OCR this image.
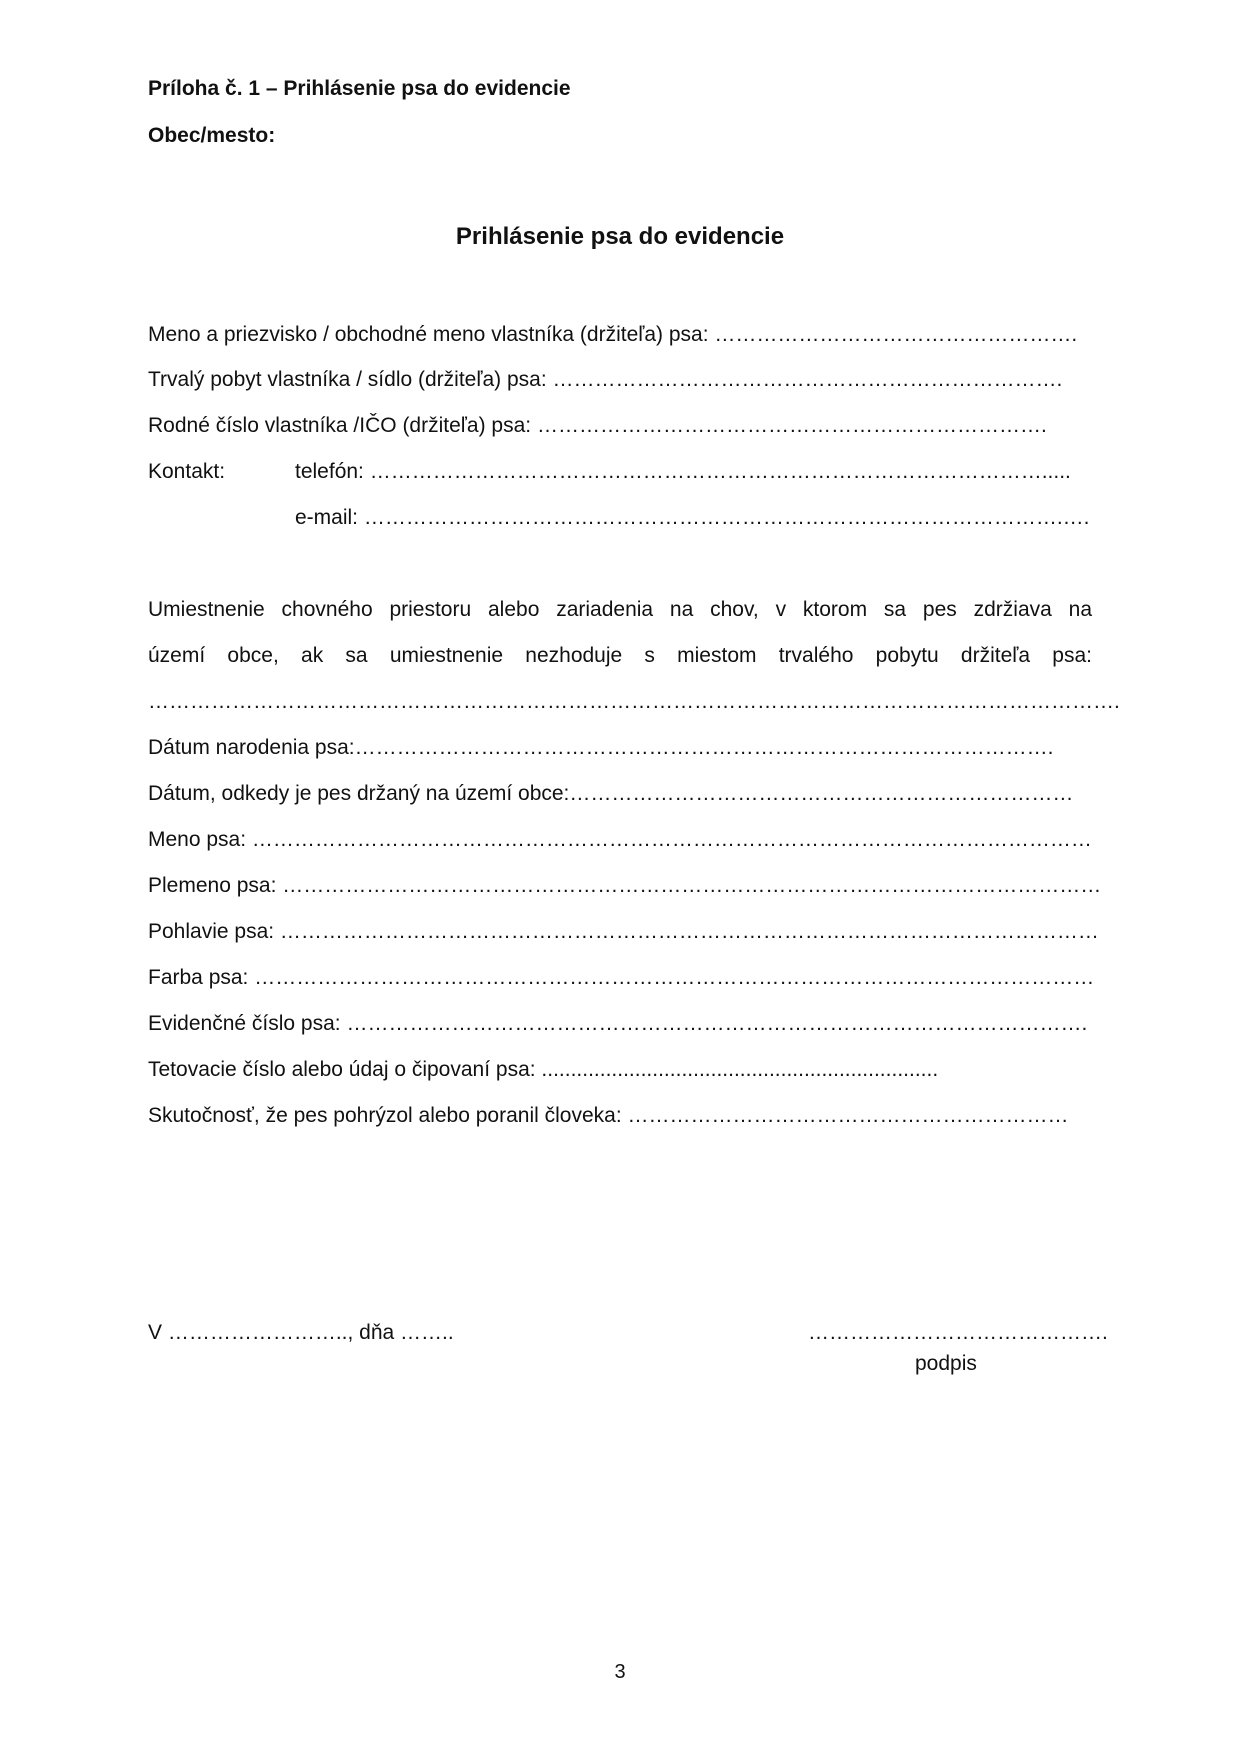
Príloha č. 1 – Prihlásenie psa do evidencie
Obec/mesto:
Prihlásenie psa do evidencie
Meno a priezvisko / obchodné meno vlastníka (držiteľa) psa: …………………………………………….
Trvalý pobyt vlastníka / sídlo (držiteľa) psa: ……………………………………………………………….
Rodné číslo vlastníka /IČO (držiteľa) psa: ……………………………………………………………….
Kontakt:	telefón: …………………………………………………………………………………….....
e-mail: ……………………………………………………………………………………….….
Umiestnenie chovného priestoru alebo zariadenia na chov, v ktorom sa pes zdržiava na
území obce, ak sa umiestnenie nezhoduje s miestom trvalého pobytu držiteľa psa:
………………………………………………………………………………………………………………………….
Dátum narodenia psa:……………………………………………………………………………………….
Dátum, odkedy je pes držaný na území obce:………………………………………………………………
Meno psa: …………………………………………………………………………………………………………
Plemeno psa: ………………………………………………………………………………………………………
Pohlavie psa: ………………………………………………………………………………………………………
Farba psa: …………………………………………………………………………………………………………
Evidenčné číslo psa: …………………………………………………………………………………………….
Tetovacie číslo alebo údaj o čipovaní psa: ....................................................................
Skutočnosť, že pes pohrýzol alebo poranil človeka: ………………………………………………………
V …………………….., dňa ……..	…………………………………….
podpis
3
